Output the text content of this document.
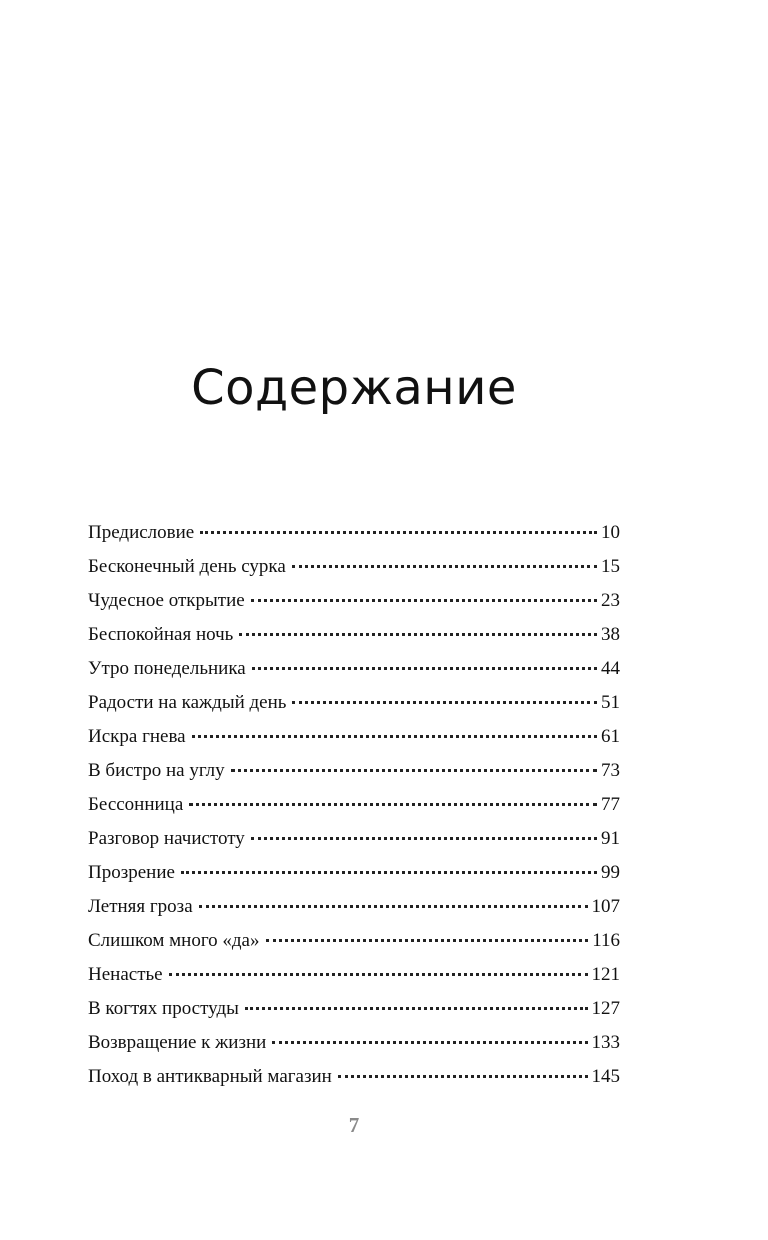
Содержание
Предисловие	10
Бесконечный день сурка	15
Чудесное открытие	23
Беспокойная ночь	38
Утро понедельника	44
Радости на каждый день	51
Искра гнева	61
В бистро на углу	73
Бессонница	77
Разговор начистоту	91
Прозрение	99
Летняя гроза	107
Слишком много «да»	116
Ненастье	121
В когтях простуды	127
Возвращение к жизни	133
Поход в антикварный магазин	145
7
